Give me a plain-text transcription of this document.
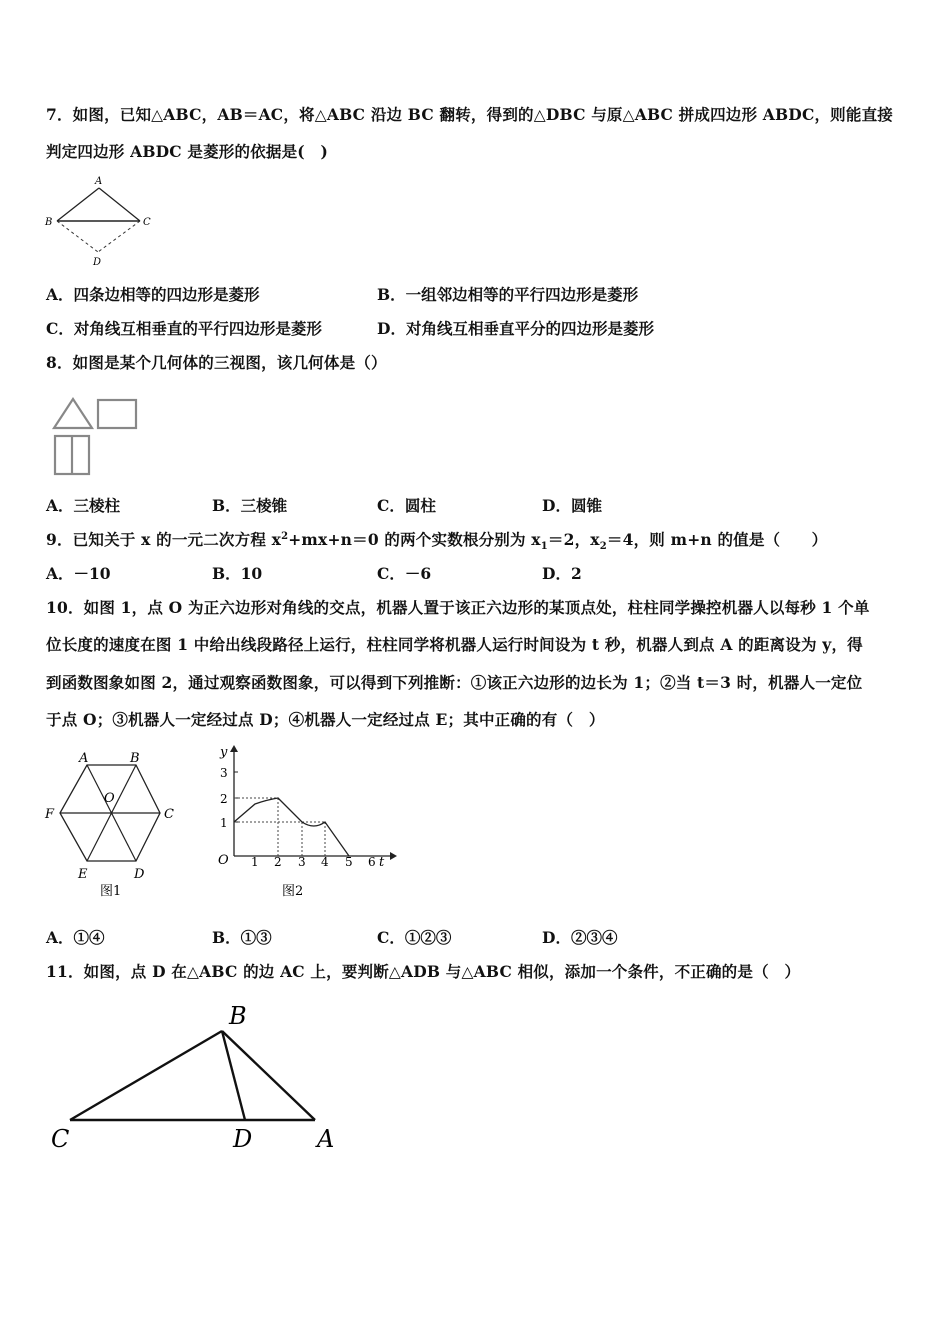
7．如图，已知△ABC，AB＝AC，将△ABC 沿边 BC 翻转，得到的△DBC 与原△ABC 拼成四边形 ABDC，则能直接
判定四边形 ABDC 是菱形的依据是(　)
A
B	C
D
A．四条边相等的四边形是菱形	B．一组邻边相等的平行四边形是菱形
C．对角线互相垂直的平行四边形是菱形	D．对角线互相垂直平分的四边形是菱形
8．如图是某个几何体的三视图，该几何体是（）
A．三棱柱	B．三棱锥	C．圆柱	D．圆锥
9．已知关于 x 的一元二次方程 $x^2+mx+n=0$ 的两个实数根分别为 $x_1=2$，$x_2=4$，则 m+n 的值是（　　）
A．－10	B．10	C．－6	D．2
10．如图 1，点 O 为正六边形对角线的交点，机器人置于该正六边形的某顶点处，柱柱同学操控机器人以每秒 1 个单
位长度的速度在图 1 中给出线段路径上运行，柱柱同学将机器人运行时间设为 t 秒，机器人到点 A 的距离设为 y，得
到函数图象如图 2，通过观察函数图象，可以得到下列推断：①该正六边形的边长为 1；②当 t＝3 时，机器人一定位
于点 O；③机器人一定经过点 D；④机器人一定经过点 E；其中正确的有（　）
A	B
C
D
E
F
O
图1
y
3
2
1
O 1 2 3 4 5 6 t
图2
A．①④	B．①③	C．①②③	D．②③④
11．如图，点 D 在△ABC 的边 AC 上，要判断△ADB 与△ABC 相似，添加一个条件，不正确的是（　）
B
C	D	A
